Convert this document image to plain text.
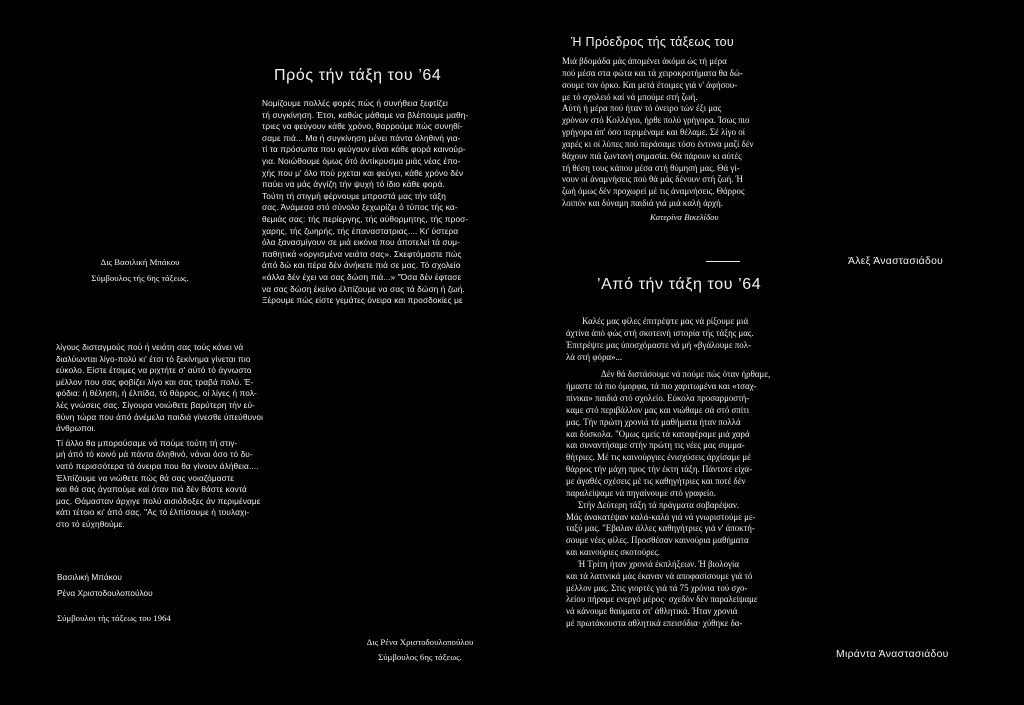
Πρός τήν τάξη του ’64
Νομίζουμε πολλές φορές πώς ή συνήθεια ξεφτίζει
τή συγκίνηση. Έτσι, καθώς μάθαμε να βλέπουμε μαθη-
τριες να φεύγουν κάθε χρόνο, θαρρούμε πώς συνηθί-
σαμε πιά... Μα ή συγκίνηση μένει πάντα όληθινή για-
τί τα πρόσωπα που φεύγουν είναι κάθε φορά καινούρ-
για. Νοιώθουμε όμως ότό άντίκρυσμα μιάς νέας έπο-
χής που μ' όλο πού ρχεται και φεύγει, κάθε χρόνο δέν
παύει να μάς άγγίζη τήν ψυχή τό ίδιο κάθε φορά.
Τούτη τή στιγμή φέρνουμε μπροστά μας τήν τάξη
σας. Άνάμεσα στό σύνολο ξεχωρίζει ό τύπος τής κα-
θεμιάς σας: τής περίεργης, τής αύθορμητης, τής προσ-
χαρης, τής ζωηρής, τής έπαναστατριας.... Κι' ύστερα
όλα ξανασμίγουν σε μιά εικόνα που άποτελεί τά συμ-
παθητικά «οργισμένα νειάτα σας». Σκεφτόμαστε πώς
άπό δώ και πέρα δέν άνήκετε πιά σε μας. Τό σχολείο
«άλλα δέν έχει να σας δώση πιά...» "Όσα δέν έφτασε
να σας δώση έκείνο έλπίζουμε να σας τά δώση ή ζωή.
Ξέρουμε πώς είστε γεμάτες όνειρα και προσδοκίες με
Δις Βασιλική Μπάκου
Σύμβουλος τής 6ης τάξεως.
λίγους δισταγμούς πού ή νειότη σας τούς κάνει νά
διαλύωνται λίγο-πολύ κι' έτσι τό ξεκίνημα γίνεται πιο
εύκολο. Είστε έτοιμες να ριχτήτε σ' αύτό τό άγνωστο
μέλλον που σας φοβίζει λίγο και σας τραβά πολύ. Έ-
φόδια: ή θέληση, ή έλπίδα, τό θάρρος, οί λίγες ή πολ-
λές γνώσεις σας. Σίγουρα νοιώθετε βαρύτερη τήν εύ-
θύνη τώρα που άπό άνέμελα παιδιά γίνεσθε ύπεύθυνοι
άνθρωποι.
Τί άλλο θα μπορούσαμε νά πούμε τούτη τή στιγ-
μή άπό τό κοινό μά πάντα άληθινό, νάναι όσο τό δυ-
νατό περισσότερα τά όνειρα που θα γίνουν άλήθεια....
Έλπίζουμε να νιώθετε πώς θά σας νοιαζόμαστε
και θά σας άγαπούμε καί όταν πιά δέν θάστε κοντά
μας. Θάμασταν άρχιγε πολύ αισιόδοξες άν περιμέναμε
κάτι τέτοιο κι' άπό σας. "Ας τό έλπίσουμε ή τουλαχι-
στο τό εύχηθούμε.
Βασιλική Μπάκου
Ρένα Χριστοδουλοπούλου
Σύμβουλοι τής τάξεως του 1964
Δις Ρένα Χριστοδουλοπούλου
Σύμβουλος 6ης τάξεως.
Ή Πρόεδρος τής τάξεως του
Μιά βδομάδα μάς άπομένει άκόμα ώς τή μέρα
πού μέσα στα φώτα και τά χειροκροτήματα θα δώ-
σουμε τον όρκο. Και μετά έτοιμες γιά ν' άφήσου-
με τό σχολειό καί νά μπούμε στή ζωή.
Αύτή ή μέρα πού ήταν τό όνειρο τών έξι μας
χρόνων στό Κολλέγιο, ήρθε πολύ γρήγορα. Ίσως πιο
γρήγορα άπ' όσο περιμέναμε και θέλαμε. Σέ λίγο οί
χαρές κι οί λύπες πού περάσαμε τόσο έντονα μαζί δέν
θάχουν πιά ζωντανή σημασία. Θά πάρουν κι αύτές
τή θέση τους κάπου μέσα στή θύμησή μας. Θά γί-
νουν οί άναμνήσεις πού θά μάς δένουν στή ζωή. Ή
ζωή όμως δέν προχωρεί μέ τις άναμνήσεις. Θάρρος
λοιπόν και δύναμη παιδιά γιά μιά καλή άρχή.
Κατερίνα Βικελίδου
Άλεξ Άναστασιάδου
Μιράντα Άναστασιάδου
’Από τήν τάξη του ’64
Καλές μας φίλες έπιτρέψτε μας νά ρίξουμε μιά
άχτίνα άπό φώς στή σκοτεινή ιστορία τής τάξης μας.
Έπιτρέψτε μας ύποσχόμαστε νά μή «βγάλουμε πολ-
λά στή φόρα»...
Δέν θά διστάσουμε νά πούμε πώς όταν ήρθαμε,
ήμαστε τά πιο όμορφα, τά πιο χαριτωμένα και «τσαχ-
πίνικα» παιδιά στό σχολείο. Εύκολα προσαρμοστή-
καμε στό περιβάλλον μας και νιώθαμε σά στό σπίτι
μας. Τήν πρώτη χρονιά τά μαθήματα ήταν πολλά
και δύσκολα. "Ομως εμείς τά καταφέραμε μιά χαρά
και συναντήσαμε στήν πρώτη τις νέες μας συμμα-
θήτριες. Μέ τις καινούργιες ένισχύσεις άρχίσαμε μέ
θάρρος τήν μάχη προς τήν έκτη τάξη. Πάντοτε είχα-
με άγαθές σχέσεις μέ τις καθηγήτριες και ποτέ δέν
παραλείψαμε νά πηγαίνουμε στό γραφείο.
Στήν Δεύτερη τάξη τά πράγματα σοβαρέψαν.
Μάς άνακατέψαν καλά-καλά γιά νά γνωριστούμε με-
ταξύ μας. "Εβαλαν άλλες καθηγήτριες γιά ν' άποκτή-
σουμε νέες φίλες. Προσθέσαν καινούρια μαθήματα
και καινούριες σκοτούρες.
Ή Τρίτη ήταν χρονιά έκπλήξεων. Ή βιολογία
και τά λατινικά μάς έκαναν νά αποφασίσουμε γιά τό
μέλλον μας. Στις γιορτές γιά τά 75 χρόνια τού σχο-
λείου πήραμε ενεργό μέρος· σχεδόν δέν παραλείψαμε
νά κάνουμε θαύματα στ' άθλητικά. Ήταν χρονιά
μέ πρωτάκουστα αθλητικά επεισόδια· χύθηκε δα-
